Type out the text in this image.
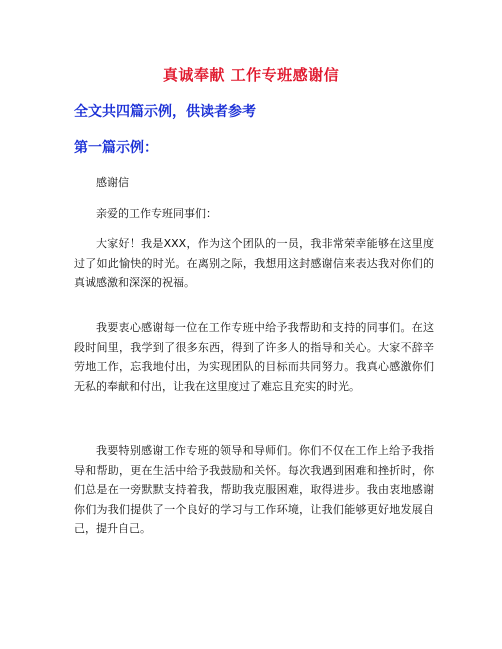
真诚奉献 工作专班感谢信
全文共四篇示例，供读者参考
第一篇示例：
感谢信
亲爱的工作专班同事们：
大家好！我是XXX，作为这个团队的一员，我非常荣幸能够在这里度过了如此愉快的时光。在离别之际，我想用这封感谢信来表达我对你们的真诚感激和深深的祝福。
我要衷心感谢每一位在工作专班中给予我帮助和支持的同事们。在这段时间里，我学到了很多东西，得到了许多人的指导和关心。大家不辞辛劳地工作，忘我地付出，为实现团队的目标而共同努力。我真心感激你们无私的奉献和付出，让我在这里度过了难忘且充实的时光。
我要特别感谢工作专班的领导和导师们。你们不仅在工作上给予我指导和帮助，更在生活中给予我鼓励和关怀。每次我遇到困难和挫折时，你们总是在一旁默默支持着我，帮助我克服困难，取得进步。我由衷地感谢你们为我们提供了一个良好的学习与工作环境，让我们能够更好地发展自己，提升自己。
